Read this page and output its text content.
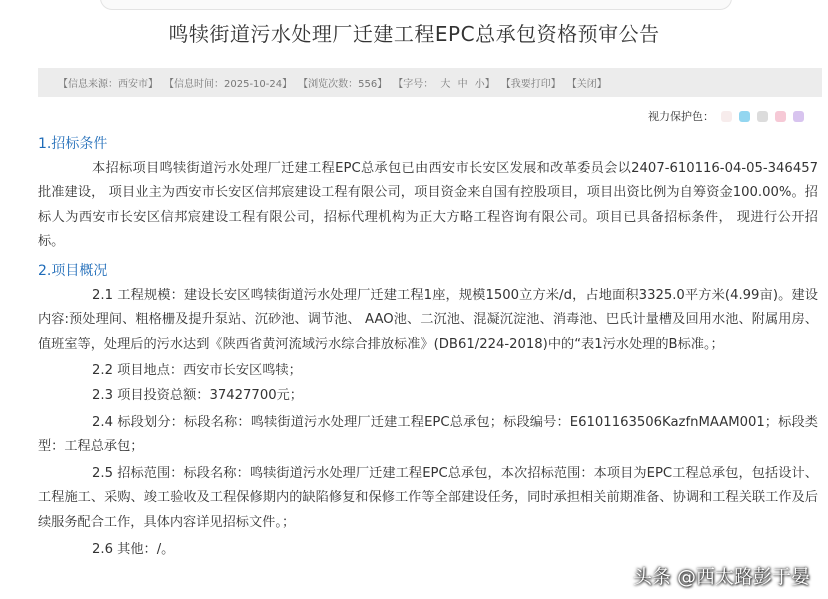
鸣犊街道污水处理厂迁建工程EPC总承包资格预审公告
【信息来源：西安市】 【信息时间：2025-10-24】 【浏览次数：556】 【字号： 大 中 小】 【我要打印】 【关闭】
视力保护色：

1.招标条件

本招标项目鸣犊街道污水处理厂迁建工程EPC总承包已由西安市长安区发展和改革委员会以2407-610116-04-05-346457批准建设， 项目业主为西安市长安区信邦宸建设工程有限公司，项目资金来自国有控股项目，项目出资比例为自筹资金100.00%。招标人为西安市长安区信邦宸建设工程有限公司，招标代理机构为正大方略工程咨询有限公司。项目已具备招标条件， 现进行公开招标。

2.项目概况

2.1 工程规模：建设长安区鸣犊街道污水处理厂迁建工程1座，规模1500立方米/d，占地面积3325.0平方米(4.99亩)。建设内容:预处理间、粗格栅及提升泵站、沉砂池、调节池、 AAO池、二沉池、混凝沉淀池、消毒池、巴氏计量槽及回用水池、附属用房、值班室等，处理后的污水达到《陕西省黄河流域污水综合排放标准》(DB61/224-2018)中的“表1污水处理的B标准。；

2.2 项目地点：西安市长安区鸣犊；

2.3 项目投资总额：37427700元；

2.4 标段划分：标段名称：鸣犊街道污水处理厂迁建工程EPC总承包；标段编号：E6101163506KazfnMAAM001；标段类型：工程总承包；

2.5 招标范围：标段名称：鸣犊街道污水处理厂迁建工程EPC总承包，本次招标范围：本项目为EPC工程总承包，包括设计、工程施工、采购、竣工验收及工程保修期内的缺陷修复和保修工作等全部建设任务，同时承担相关前期准备、协调和工程关联工作及后续服务配合工作，具体内容详见招标文件。；

2.6 其他：/。

头条 @西太路彭于晏
